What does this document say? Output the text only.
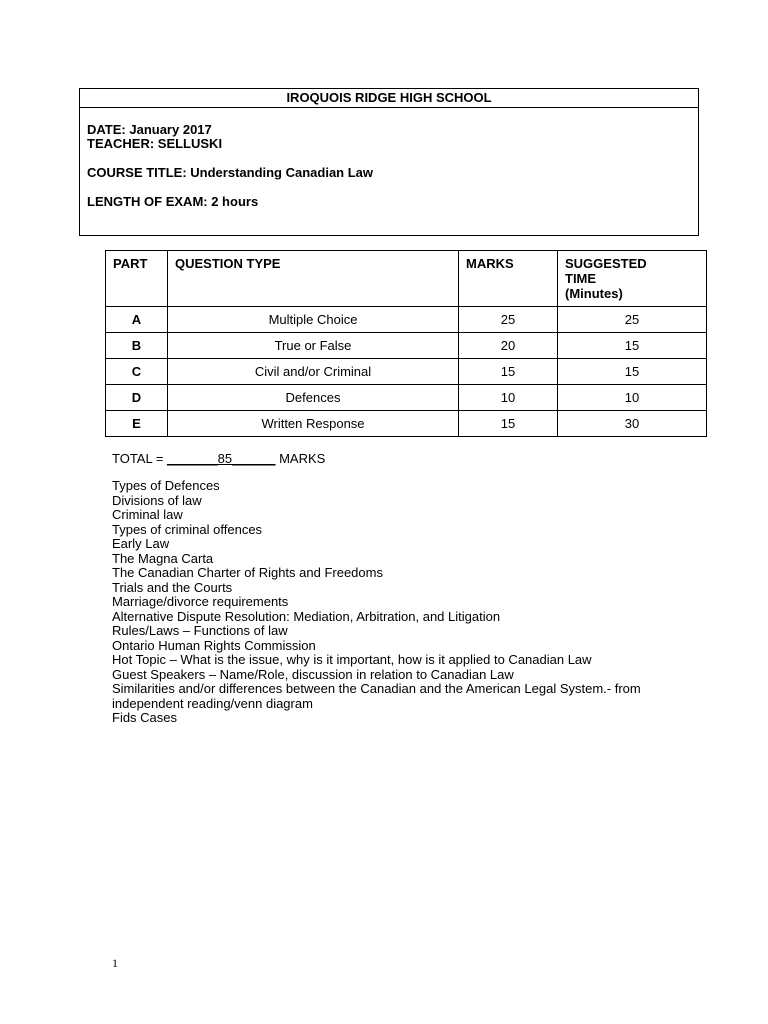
IROQUOIS RIDGE HIGH SCHOOL
DATE: January 2017
TEACHER: SELLUSKI
COURSE TITLE: Understanding Canadian Law
LENGTH OF EXAM: 2 hours
PART	QUESTION TYPE	MARKS	SUGGESTED
TIME
(Minutes)
A	Multiple Choice	25	25
B	True or False	20	15
C	Civil and/or Criminal	15	15
D	Defences	10	10
E	Written Response	15	30
TOTAL = _______85______ MARKS
Types of Defences
Divisions of law
Criminal law
Types of criminal offences
Early Law
The Magna Carta
The Canadian Charter of Rights and Freedoms
Trials and the Courts
Marriage/divorce requirements
Alternative Dispute Resolution: Mediation, Arbitration, and Litigation
Rules/Laws – Functions of law
Ontario Human Rights Commission
Hot Topic – What is the issue, why is it important, how is it applied to Canadian Law
Guest Speakers – Name/Role, discussion in relation to Canadian Law
Similarities and/or differences between the Canadian and the American Legal System.- from independent reading/venn diagram
Fids Cases
1
